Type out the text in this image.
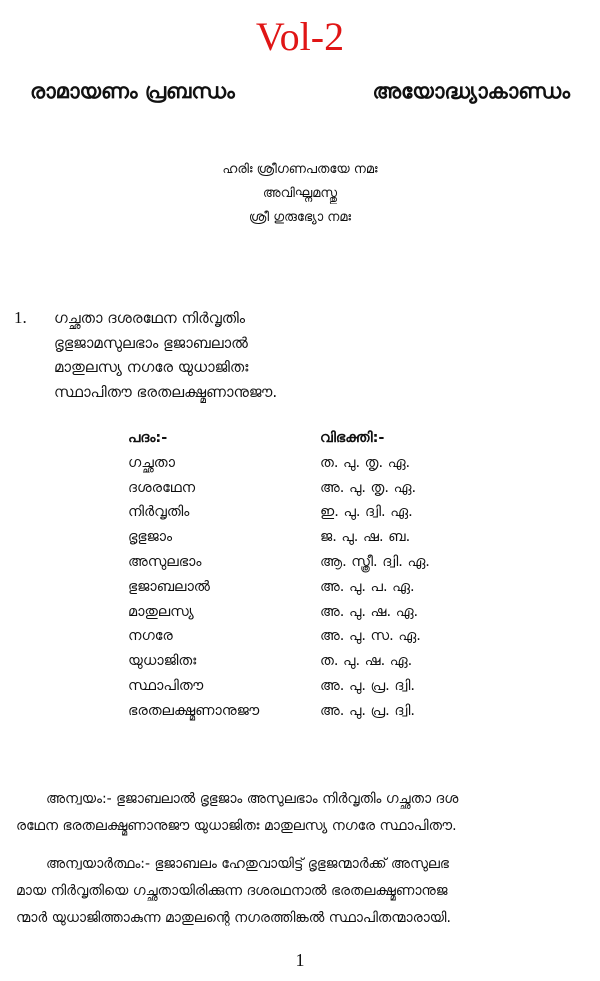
Vol-2
രാമായണം പ്രബന്ധം	അയോദ്ധ്യാകാണ്ഡം
ഹരിഃ ശ്രീഗണപതയേ നമഃ
അവിഘ്നമസ്തു
ശ്രീ ഗുരുഭ്യോ നമഃ
1. ഗച്ഛതാ ദശരഥേന നിർവൃതിം
ഭൃഭുജാമസുലഭാം ഭുജാബലാൽ
മാതുലസ്യ നഗരേ യുധാജിതഃ
സ്ഥാപിതൗ ഭരതലക്ഷ്മണാനുജൗ.
പദം:-	വിഭക്തി:-
ഗച്ഛതാ	ത. പു. തൃ. ഏ.
ദശരഥേന	അ. പു. തൃ. ഏ.
നിർവൃതിം	ഇ. പു. ദ്വി. ഏ.
ഭൃഭുജാം	ജ. പു. ഷ. ബ.
അസുലഭാം	ആ. സ്ത്രീ. ദ്വി. ഏ.
ഭുജാബലാൽ	അ. പു. പ. ഏ.
മാതുലസ്യ	അ. പു. ഷ. ഏ.
നഗരേ	അ. പു. സ. ഏ.
യുധാജിതഃ	ത. പു. ഷ. ഏ.
സ്ഥാപിതൗ	അ. പു. പ്ര. ദ്വി.
ഭരതലക്ഷ്മണാനുജൗ	അ. പു. പ്ര. ദ്വി.
അന്വയം:- ഭുജാബലാൽ ഭൃഭുജാം അസുലഭാം നിർവൃതിം ഗച്ഛതാ ദശ
രഥേന ഭരതലക്ഷ്മണാനുജൗ യുധാജിതഃ മാതുലസ്യ നഗരേ സ്ഥാപിതൗ.
അന്വയാർത്ഥം:- ഭുജാബലം ഹേതുവായിട്ട് ഭൃഭുജന്മാർക്ക് അസുലഭ
മായ നിർവൃതിയെ ഗച്ഛതായിരിക്കുന്ന ദശരഥനാൽ ഭരതലക്ഷ്മണാനുജ
ന്മാർ യുധാജിത്താകുന്ന മാതുലന്റെ നഗരത്തിങ്കൽ സ്ഥാപിതന്മാരായി.
1
